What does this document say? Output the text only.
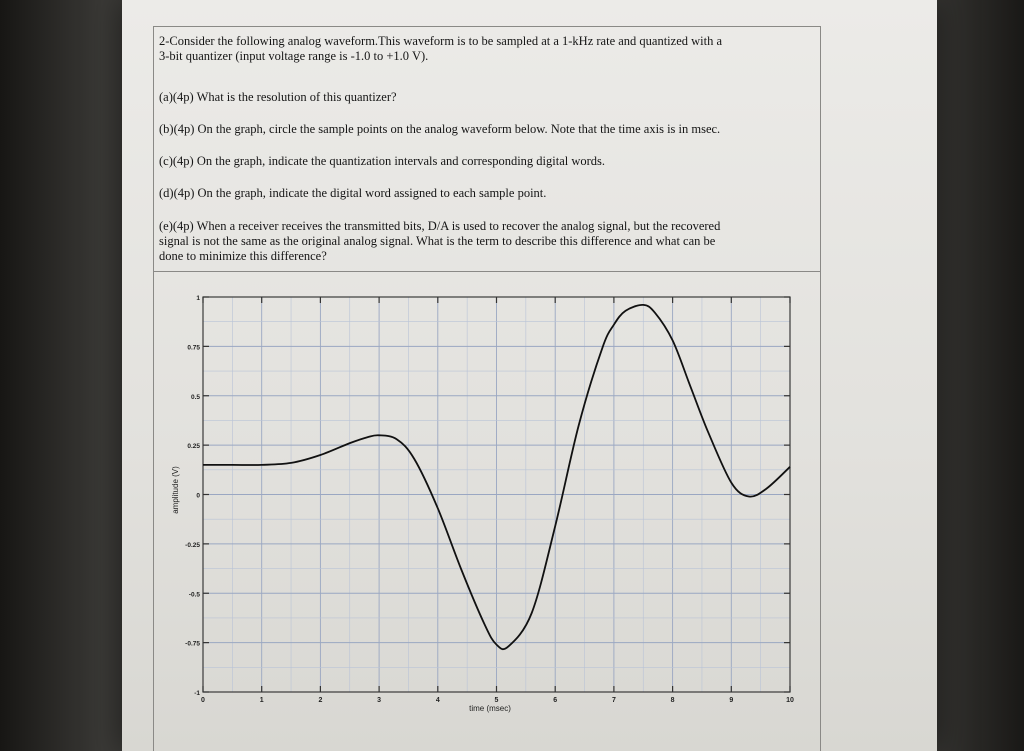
2-Consider the following analog waveform.This waveform is to be sampled at a 1-kHz rate and quantized with a
3-bit quantizer (input voltage range is -1.0 to +1.0 V).
(a)(4p) What is the resolution of this quantizer?
(b)(4p) On the graph, circle the sample points on the analog waveform below. Note that the time axis is in msec.
(c)(4p) On the graph, indicate the quantization intervals and corresponding digital words.
(d)(4p) On the graph, indicate the digital word assigned to each sample point.
(e)(4p) When a receiver receives the transmitted bits, D/A is used to recover the analog signal, but the recovered
signal is not the same as the original analog signal. What is the term to describe this difference and what can be
done to minimize this difference?
0	1	2	3	4	5	6	7	8	9	10
-1
-0.75
-0.5
-0.25
0
0.25
0.5
0.75
1
time (msec)
amplitude (V)
